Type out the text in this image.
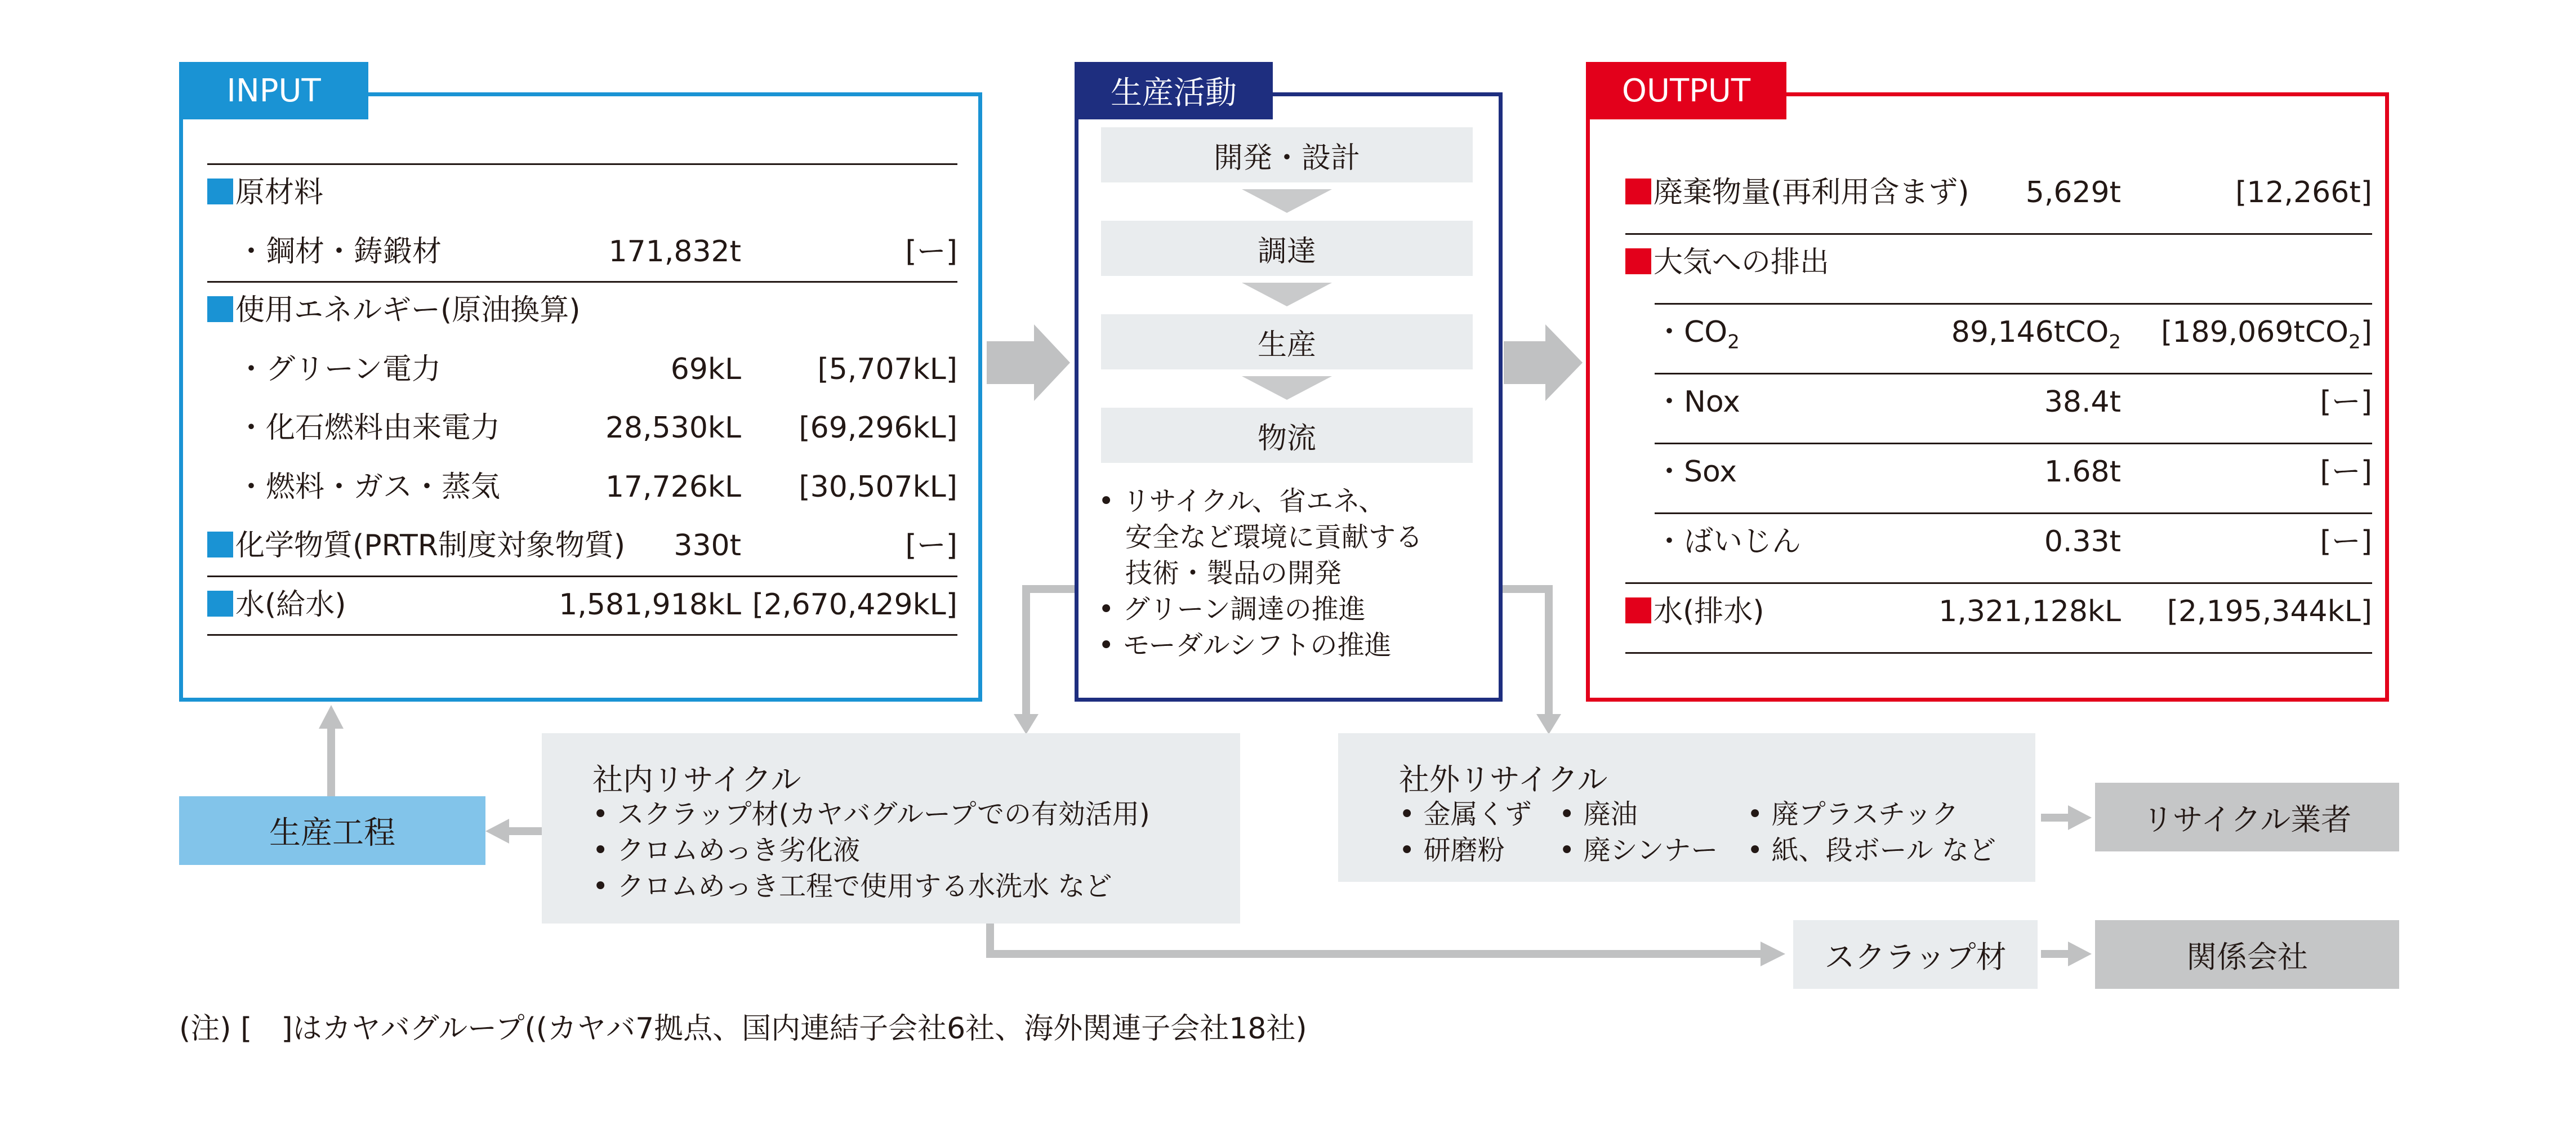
INPUT
原材料
・鋼材・鋳鍛材	171,832t	[ー]
使用エネルギー(原油換算)
・グリーン電力	69kL	[5,707kL]
・化石燃料由来電力	28,530kL [69,296kL]
・燃料・ガス・蒸気	17,726kL [30,507kL]
化学物質(PRTR制度対象物質) 330t	[ー]
水(給水)	1,581,918kL [2,670,429kL]
生産活動
開発・設計
調達
生産
物流
• リサイクル、省エネ、
　安全など環境に貢献する
　技術・製品の開発
• グリーン調達の推進
• モーダルシフトの推進
OUTPUT
廃棄物量(再利用含まず) 5,629t	[12,266t]
大気への排出
・$CO_2$	89,146tCO$_2$ [189,069tCO$_2$]
・Nox	38.4t	[ー]
・Sox	1.68t	[ー]
・ばいじん	0.33t	[ー]
水(排水)	1,321,128kL [2,195,344kL]
生産工程
社内リサイクル
• スクラップ材(カヤバグループでの有効活用)
• クロムめっき劣化液
• クロムめっき工程で使用する水洗水 など
社外リサイクル
• 金属くず
• 研磨粉
• 廃油
• 廃シンナー
• 廃プラスチック
• 紙、段ボール など
リサイクル業者
スクラップ材	関係会社
(注) [　]はカヤバグループ((カヤバ7拠点、国内連結子会社6社、海外関連子会社18社)
